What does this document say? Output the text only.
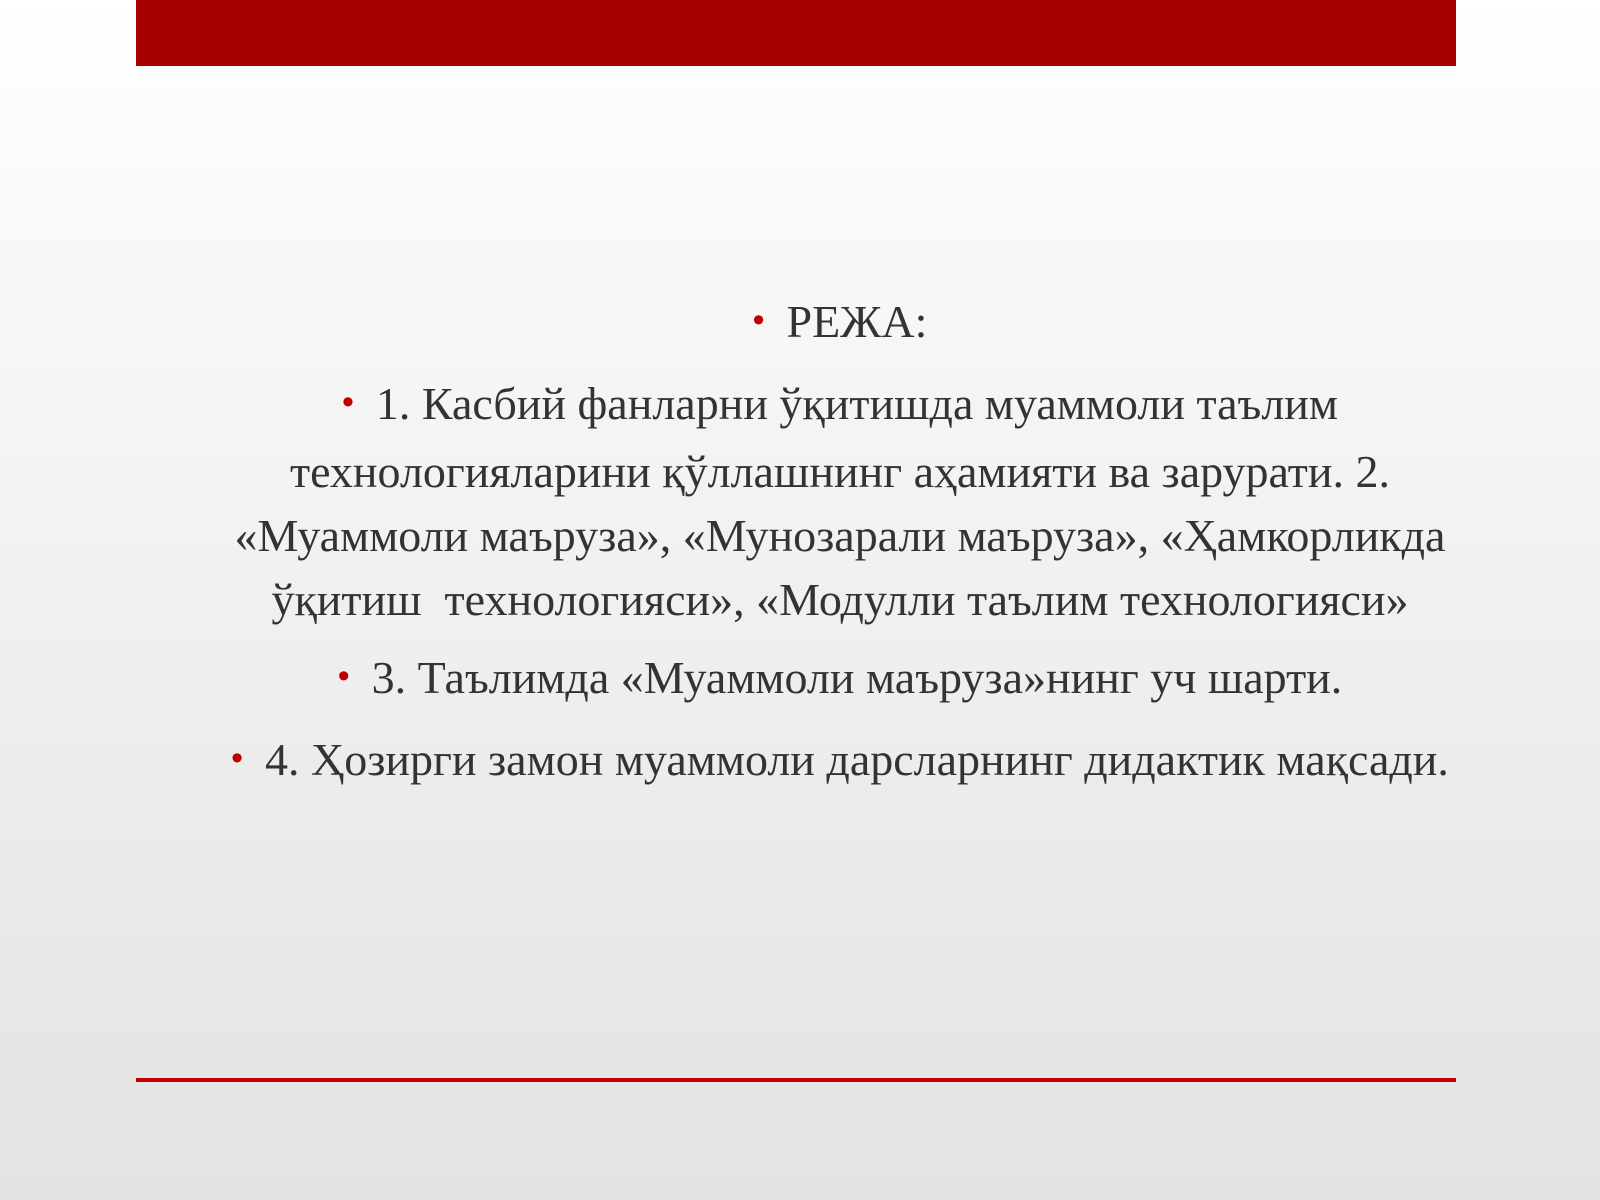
• РЕЖА:
• 1. Касбий фанларни ўқитишда муаммоли таълим технологияларини қўллашнинг аҳамияти ва зарурати. 2. «Муаммоли маъруза», «Мунозарали маъруза», «Ҳамкорликда ўқитиш  технологияси», «Модулли таълим технологияси»
• 3. Таълимда «Муаммоли маъруза»нинг уч шарти.
• 4. Ҳозирги замон муаммоли дарсларнинг дидактик мақсади.
